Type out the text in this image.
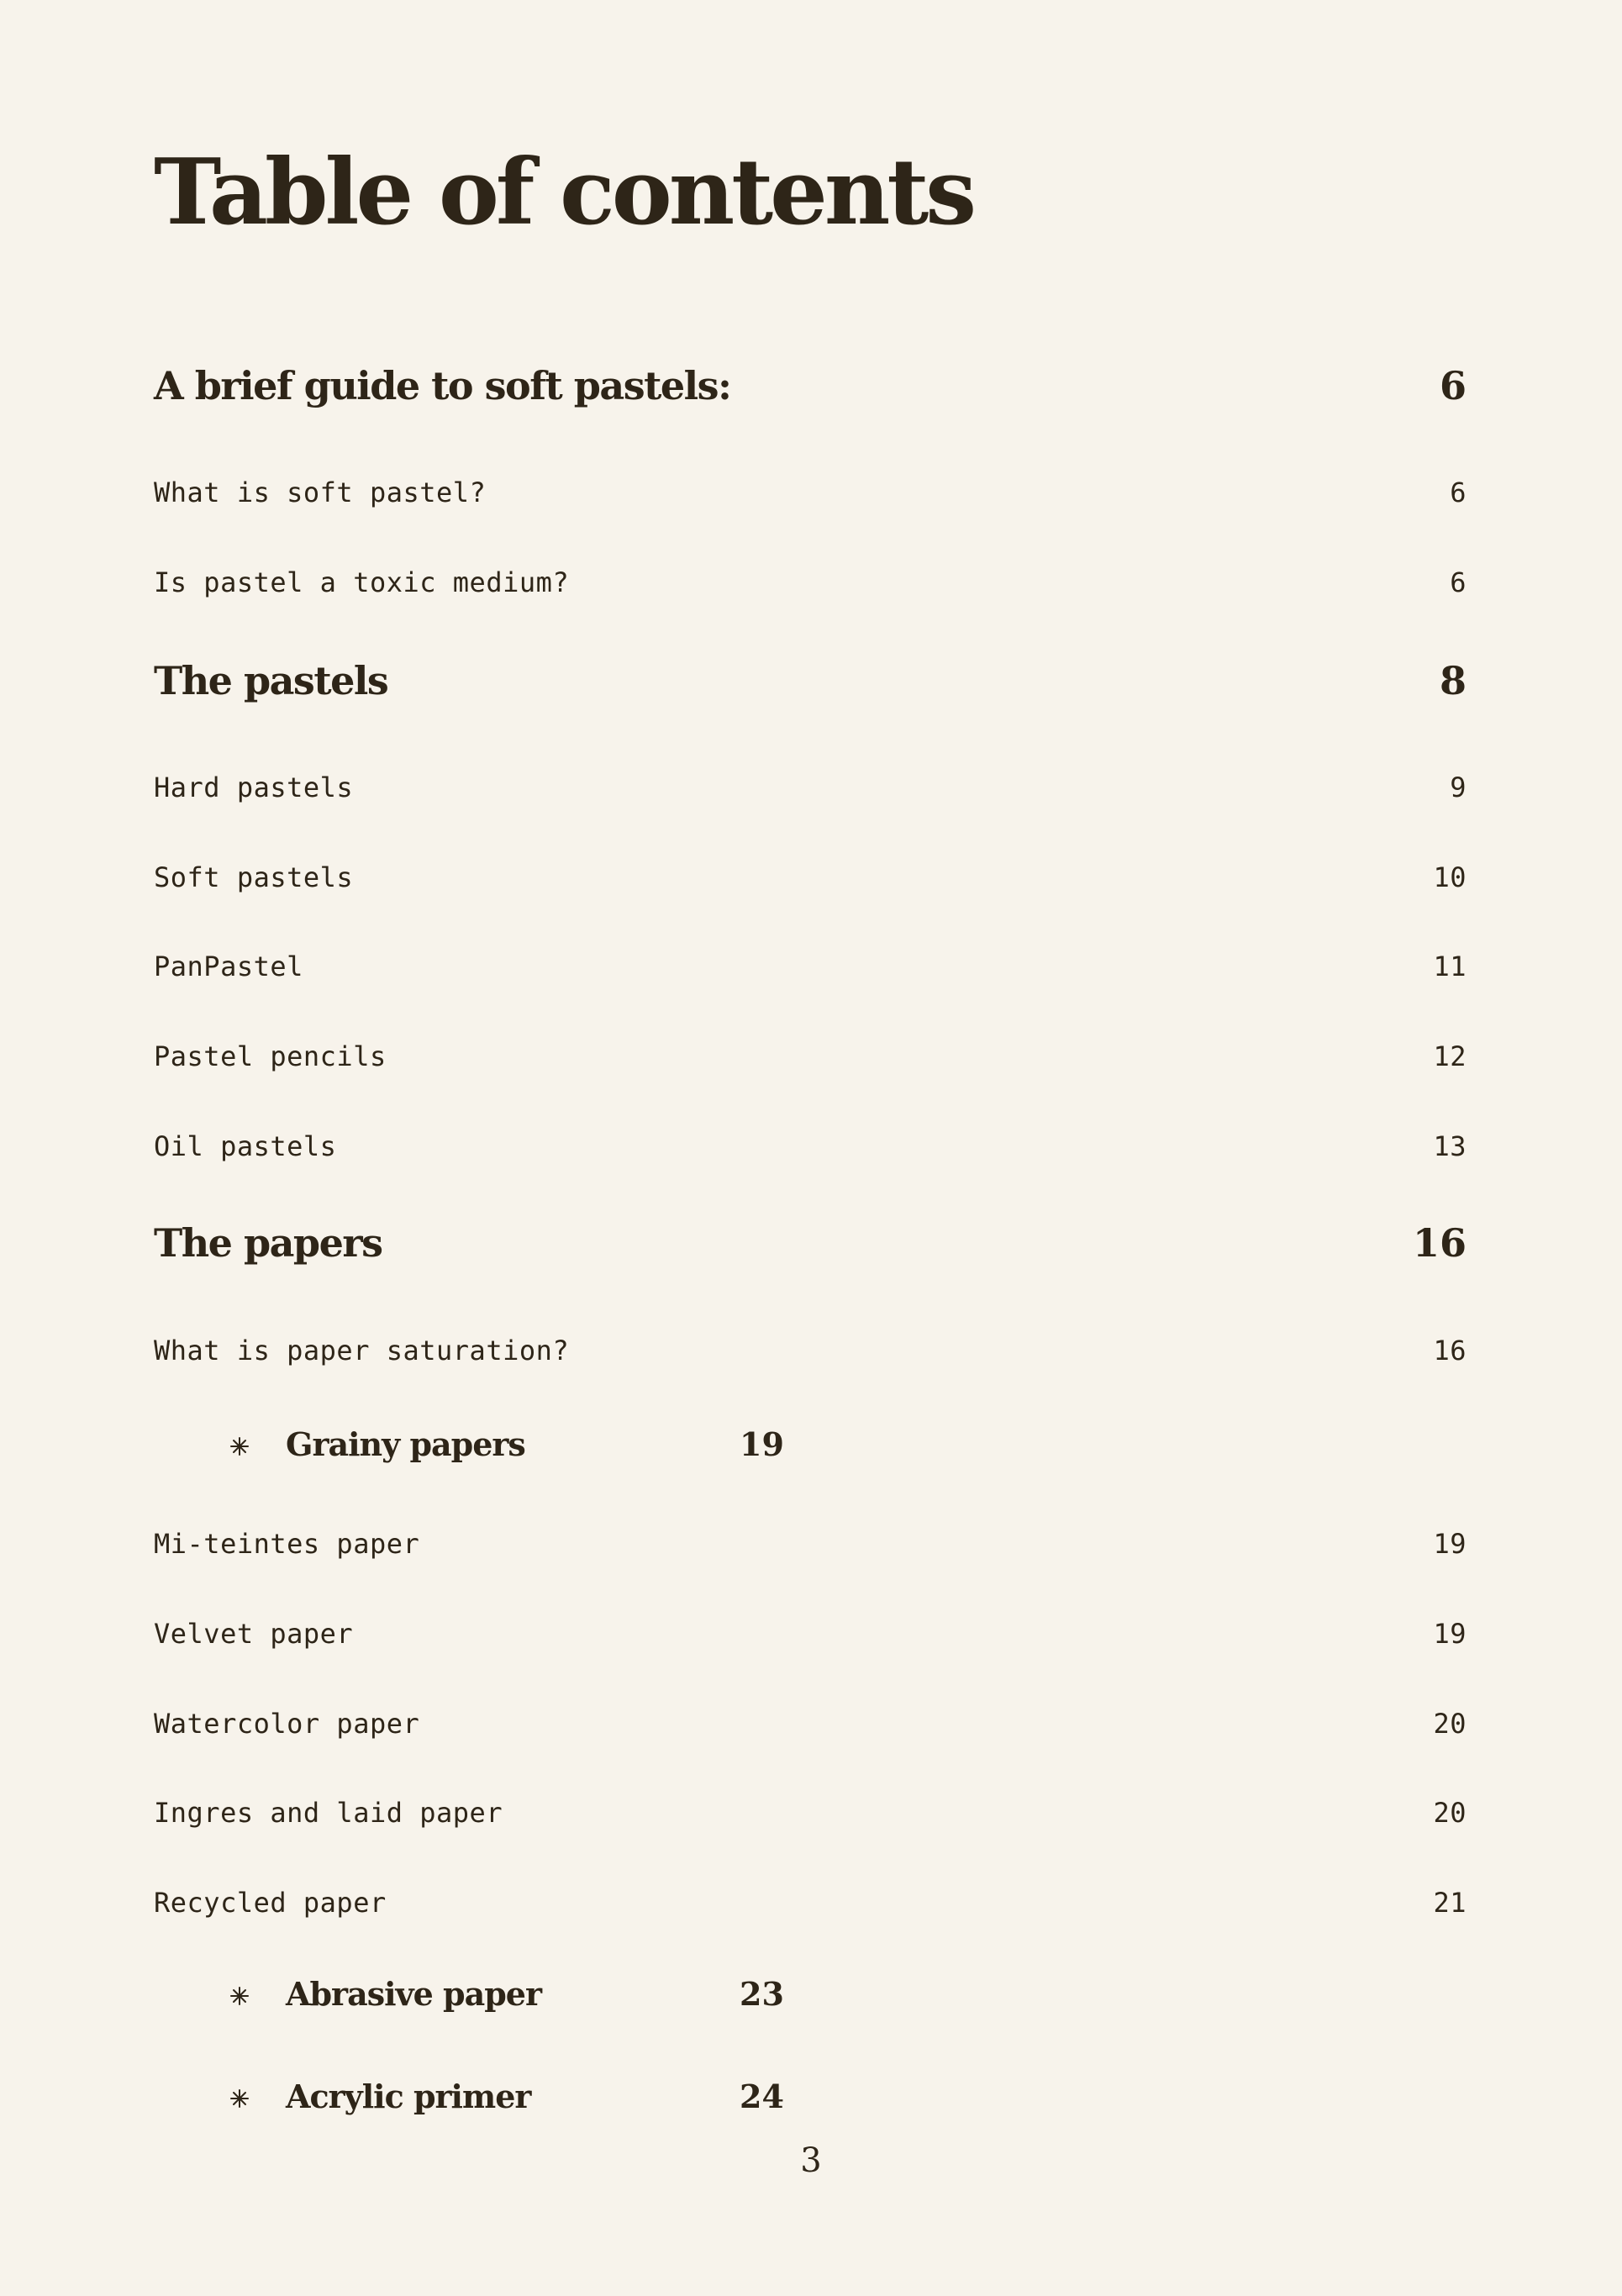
Table of contents
A brief guide to soft pastels:	6
What is soft pastel?	6
Is pastel a toxic medium?	6
The pastels	8
Hard pastels	9
Soft pastels	10
PanPastel	11
Pastel pencils	12
Oil pastels	13
The papers	16
What is paper saturation?	16
Grainy papers	19
Mi-teintes paper	19
Velvet paper	19
Watercolor paper	20
Ingres and laid paper	20
Recycled paper	21
Abrasive paper	23
Acrylic primer	24
3
